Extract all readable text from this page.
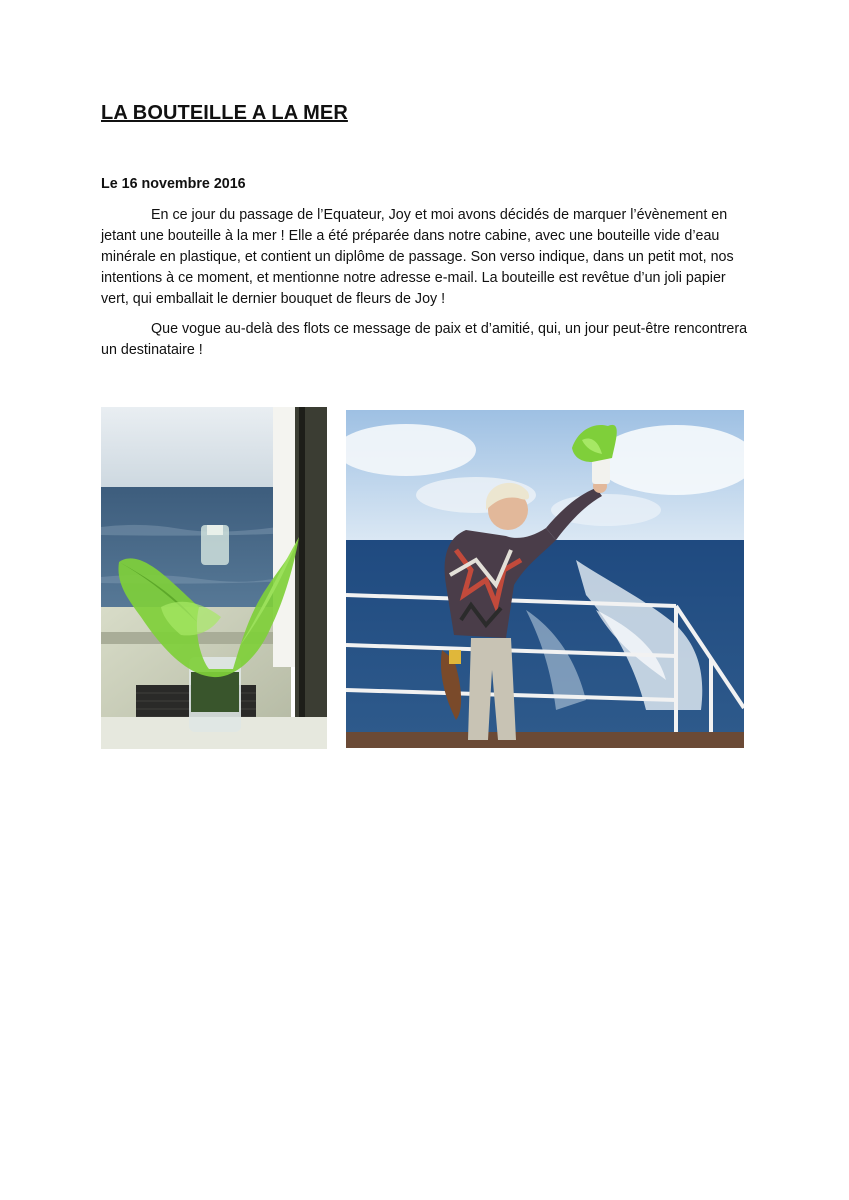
LA BOUTEILLE A LA MER

Le 16 novembre 2016

En ce jour du passage de l’Equateur, Joy et moi avons décidés de marquer l’évènement en jetant une bouteille à la mer ! Elle a été préparée dans notre cabine, avec une bouteille vide d’eau minérale en plastique, et contient un diplôme de passage. Son verso indique, dans un petit mot, nos intentions à ce moment, et mentionne notre adresse e-mail. La bouteille est revêtue d’un joli papier vert, qui emballait le dernier bouquet de fleurs de Joy !

Que vogue au-delà des flots ce message de paix et d’amitié, qui, un jour peut-être rencontrera un destinataire !
